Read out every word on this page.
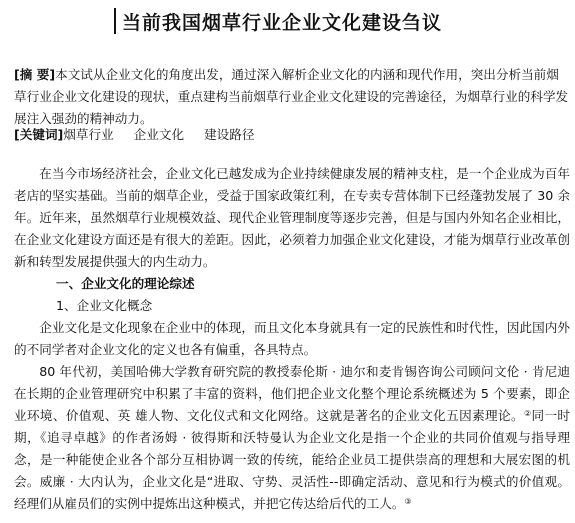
当前我国烟草行业企业文化建设刍议
[摘 要]本文试从企业文化的角度出发，通过深入解析企业文化的内涵和现代作用，突出分析当前烟草行业企业文化建设的现状，重点建构当前烟草行业企业文化建设的完善途径，为烟草行业的科学发展注入强劲的精神动力。
[关键词]烟草行业 企业文化 建设路径

在当今市场经济社会，企业文化已越发成为企业持续健康发展的精神支柱，是一个企业成为百年老店的坚实基础。当前的烟草企业，受益于国家政策红利，在专卖专营体制下已经蓬勃发展了 30 余年。近年来，虽然烟草行业规模效益、现代企业管理制度等逐步完善，但是与国内外知名企业相比，在企业文化建设方面还是有很大的差距。因此，必须着力加强企业文化建设，才能为烟草行业改革创新和转型发展提供强大的内生动力。

一、企业文化的理论综述

1、企业文化概念

企业文化是文化现象在企业中的体现，而且文化本身就具有一定的民族性和时代性，因此国内外的不同学者对企业文化的定义也各有偏重，各具特点。

80 年代初，美国哈佛大学教育研究院的教授泰伦斯 · 迪尔和麦肯锡咨询公司顾问文伦 · 肯尼迪在长期的企业管理研究中积累了丰富的资料，他们把企业文化整个理论系统概述为 5 个要素，即企业环境、价值观、英 雄人物、文化仪式和文化网络。这就是著名的企业文化五因素理论。②同一时期，《追寻卓越》的作者汤姆 · 彼得斯和沃特曼认为企业文化是指一个企业的共同价值观与指导理念，是一种能使企业各个部分互相协调一致的传统，能给企业员工提供崇高的理想和大展宏图的机会。威廉 · 大内认为，企业文化是“进取、守势、灵活性--即确定活动、意见和行为模式的价值观。经理们从雇员们的实例中提炼出这种模式，并把它传达给后代的工人。③
